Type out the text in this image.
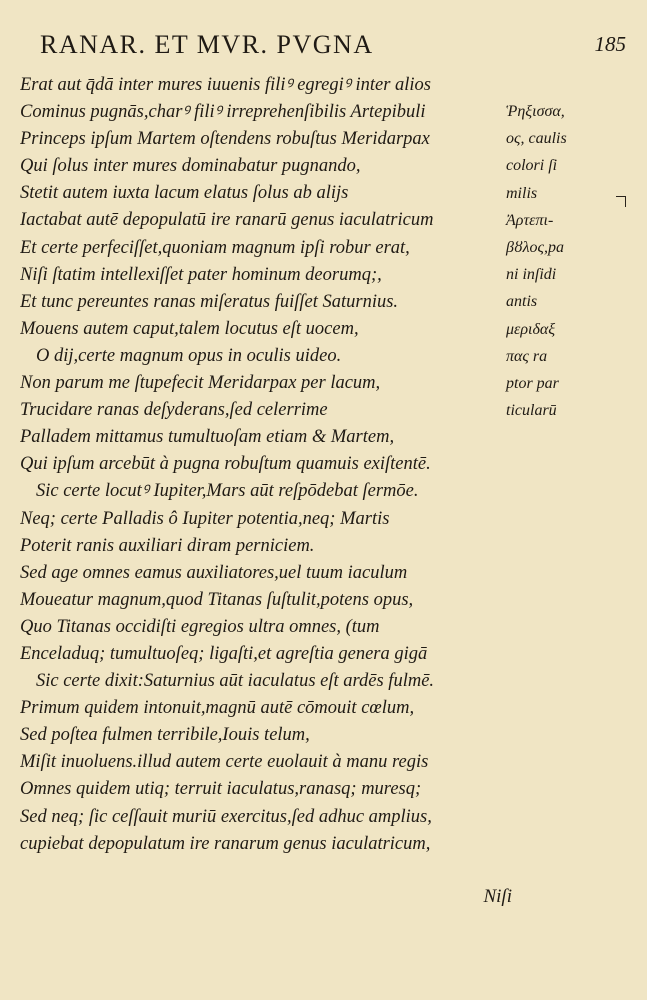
RANAR. ET MVR. PVGNA	185
Erat aut q̄dā inter mures iuuenis filiꝰ egregiꝰ inter alios
Cominus pugnās,charꝰ filiꝰ irreprehenſibilis Artepibuli
Princeps ipſum Martem oſtendens robuſtus Meridarpax
Qui ſolus inter mures dominabatur pugnando,
Stetit autem iuxta lacum elatus ſolus ab alijs
Iactabat autē depopulatū ire ranarū genus iaculatricum
Et certe perfeciſſet,quoniam magnum ipſi robur erat,
Niſi ſtatim intellexiſſet pater hominum deorumq;,
Et tunc pereuntes ranas miſeratus fuiſſet Saturnius.
Mouens autem caput,talem locutus eſt uocem,
O dij,certe magnum opus in oculis uideo.
Non parum me ſtupefecit Meridarpax per lacum,
Trucidare ranas deſyderans,ſed celerrime
Palladem mittamus tumultuoſam etiam & Martem,
Qui ipſum arcebūt à pugna robuſtum quamuis exiſtentē.
Sic certe locutꝰ Iupiter,Mars aūt reſpōdebat ſermōe.
Neq; certe Palladis ô Iupiter potentia,neq; Martis
Poterit ranis auxiliari diram perniciem.
Sed age omnes eamus auxiliatores,uel tuum iaculum
Moueatur magnum,quod Titanas ſuſtulit,potens opus,
Quo Titanas occidiſti egregios ultra omnes, (tum
Enceladuq; tumultuoſeq; ligaſti,et agreſtia genera gigā
Sic certe dixit:Saturnius aūt iaculatus eſt ardēs fulmē.
Primum quidem intonuit,magnū autē cōmouit cœlum,
Sed poſtea fulmen terribile,Iouis telum,
Miſit inuoluens.illud autem certe euolauit à manu regis
Omnes quidem utiq; terruit iaculatus,ranasq; muresq;
Sed neq; ſic ceſſauit muriū exercitus,ſed adhuc amplius,
cupiebat depopulatum ire ranarum genus iaculatricum,
Ῥηξισσα,
ος, caulis
colori ſi
milis
Ἀρτεπι-
βȣλος,pa
ni inſidi
antis
μεριδαξ
πας ra
ptor par
ticularū
Niſi
